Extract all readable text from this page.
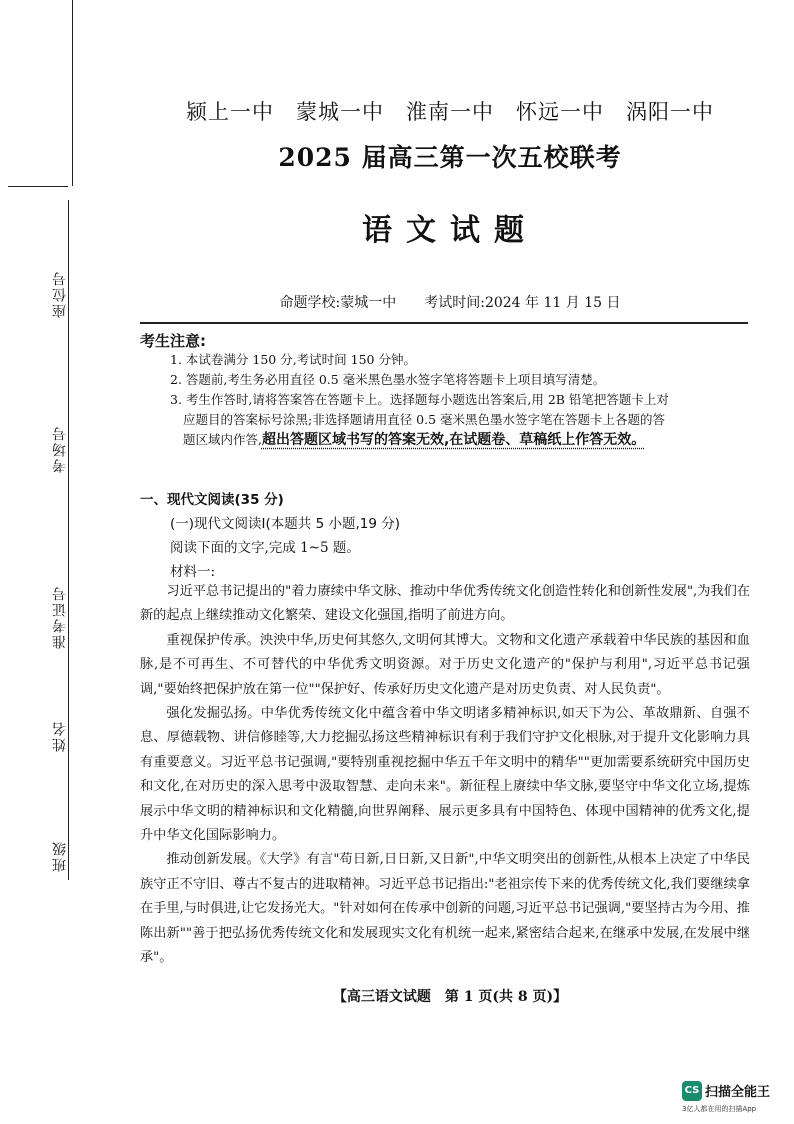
座位号
考场号
准考证号
姓名
班级
颍上一中　蒙城一中　淮南一中　怀远一中　涡阳一中
2025 届高三第一次五校联考
语文试题
命题学校:蒙城一中　　考试时间:2024 年 11 月 15 日
考生注意:

1. 本试卷满分 150 分,考试时间 150 分钟。

2. 答题前,考生务必用直径 0.5 毫米黑色墨水签字笔将答题卡上项目填写清楚。

3. 考生作答时,请将答案答在答题卡上。选择题每小题选出答案后,用 2B 铅笔把答题卡上对

应题目的答案标号涂黑;非选择题请用直径 0.5 毫米黑色墨水签字笔在答题卡上各题的答

题区域内作答,超出答题区域书写的答案无效,在试题卷、草稿纸上作答无效。

一、现代文阅读(35 分)
(一)现代文阅读Ⅰ(本题共 5 小题,19 分)
阅读下面的文字,完成 1~5 题。
材料一:

习近平总书记提出的"着力赓续中华文脉、推动中华优秀传统文化创造性转化和创新性发展",为我们在新的起点上继续推动文化繁荣、建设文化强国,指明了前进方向。

重视保护传承。泱泱中华,历史何其悠久,文明何其博大。文物和文化遗产承载着中华民族的基因和血脉,是不可再生、不可替代的中华优秀文明资源。对于历史文化遗产的"保护与利用",习近平总书记强调,"要始终把保护放在第一位""保护好、传承好历史文化遗产是对历史负责、对人民负责"。

强化发掘弘扬。中华优秀传统文化中蕴含着中华文明诸多精神标识,如天下为公、革故鼎新、自强不息、厚德载物、讲信修睦等,大力挖掘弘扬这些精神标识有利于我们守护文化根脉,对于提升文化影响力具有重要意义。习近平总书记强调,"要特别重视挖掘中华五千年文明中的精华""更加需要系统研究中国历史和文化,在对历史的深入思考中汲取智慧、走向未来"。新征程上赓续中华文脉,要坚守中华文化立场,提炼展示中华文明的精神标识和文化精髓,向世界阐释、展示更多具有中国特色、体现中国精神的优秀文化,提升中华文化国际影响力。

推动创新发展。《大学》有言"苟日新,日日新,又日新",中华文明突出的创新性,从根本上决定了中华民族守正不守旧、尊古不复古的进取精神。习近平总书记指出:"老祖宗传下来的优秀传统文化,我们要继续拿在手里,与时俱进,让它发扬光大。"针对如何在传承中创新的问题,习近平总书记强调,"要坚持古为今用、推陈出新""善于把弘扬优秀传统文化和发展现实文化有机统一起来,紧密结合起来,在继承中发展,在发展中继承"。

【高三语文试题　第 1 页(共 8 页)】
CS 扫描全能王
3亿人都在用的扫描App
